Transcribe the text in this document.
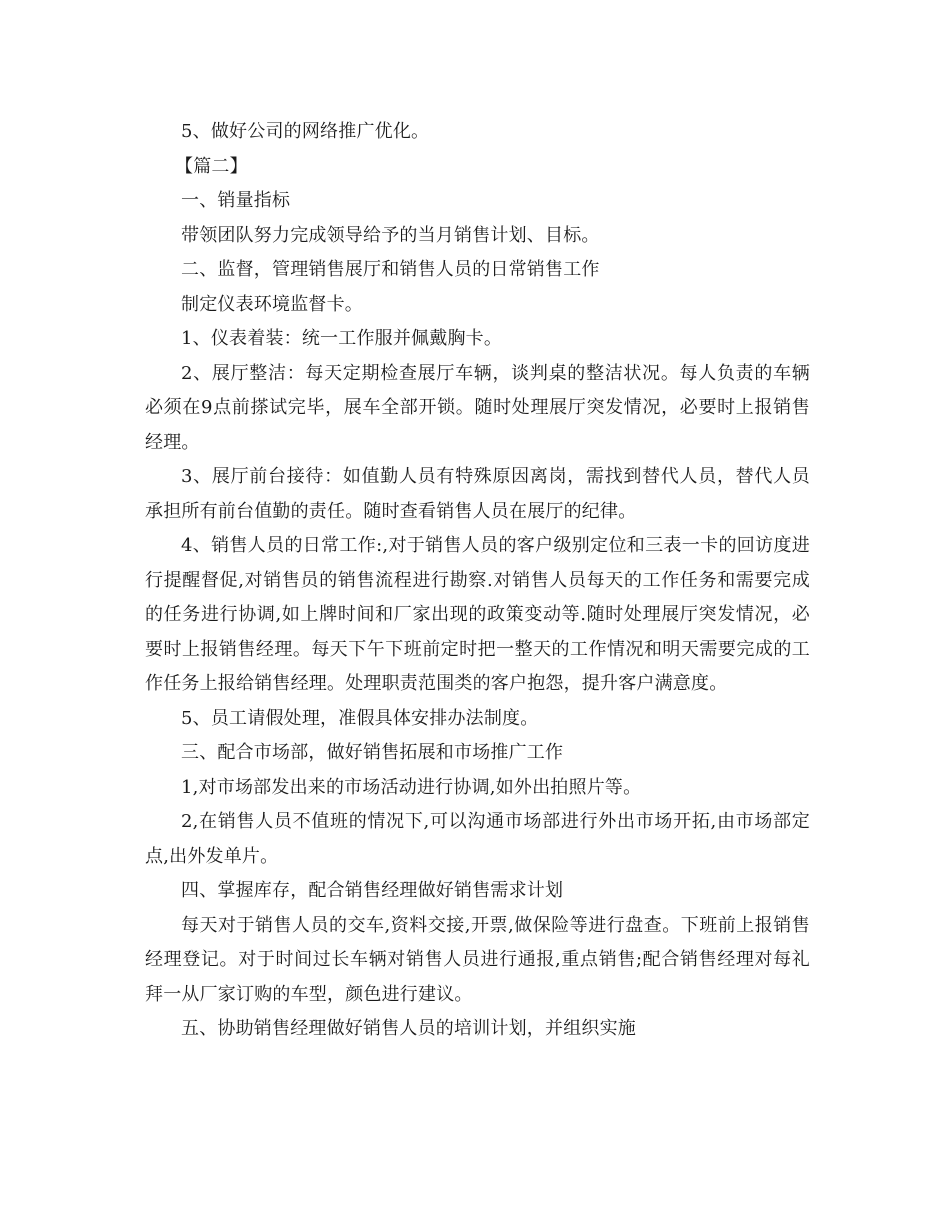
5、做好公司的网络推广优化。

【篇二】

一、销量指标

带领团队努力完成领导给予的当月销售计划、目标。

二、监督，管理销售展厅和销售人员的日常销售工作

制定仪表环境监督卡。

1、仪表着装：统一工作服并佩戴胸卡。

2、展厅整洁：每天定期检查展厅车辆，谈判桌的整洁状况。每人负责的车辆必须在9点前搽试完毕，展车全部开锁。随时处理展厅突发情况，必要时上报销售经理。

3、展厅前台接待：如值勤人员有特殊原因离岗，需找到替代人员，替代人员承担所有前台值勤的责任。随时查看销售人员在展厅的纪律。

4、销售人员的日常工作:,对于销售人员的客户级别定位和三表一卡的回访度进行提醒督促,对销售员的销售流程进行勘察.对销售人员每天的工作任务和需要完成的任务进行协调,如上牌时间和厂家出现的政策变动等.随时处理展厅突发情况，必要时上报销售经理。每天下午下班前定时把一整天的工作情况和明天需要完成的工作任务上报给销售经理。处理职责范围类的客户抱怨，提升客户满意度。

5、员工请假处理，准假具体安排办法制度。

三、配合市场部，做好销售拓展和市场推广工作

1,对市场部发出来的市场活动进行协调,如外出拍照片等。

2,在销售人员不值班的情况下,可以沟通市场部进行外出市场开拓,由市场部定点,出外发单片。

四、掌握库存，配合销售经理做好销售需求计划

每天对于销售人员的交车,资料交接,开票,做保险等进行盘查。下班前上报销售经理登记。对于时间过长车辆对销售人员进行通报,重点销售;配合销售经理对每礼拜一从厂家订购的车型，颜色进行建议。

五、协助销售经理做好销售人员的培训计划，并组织实施
